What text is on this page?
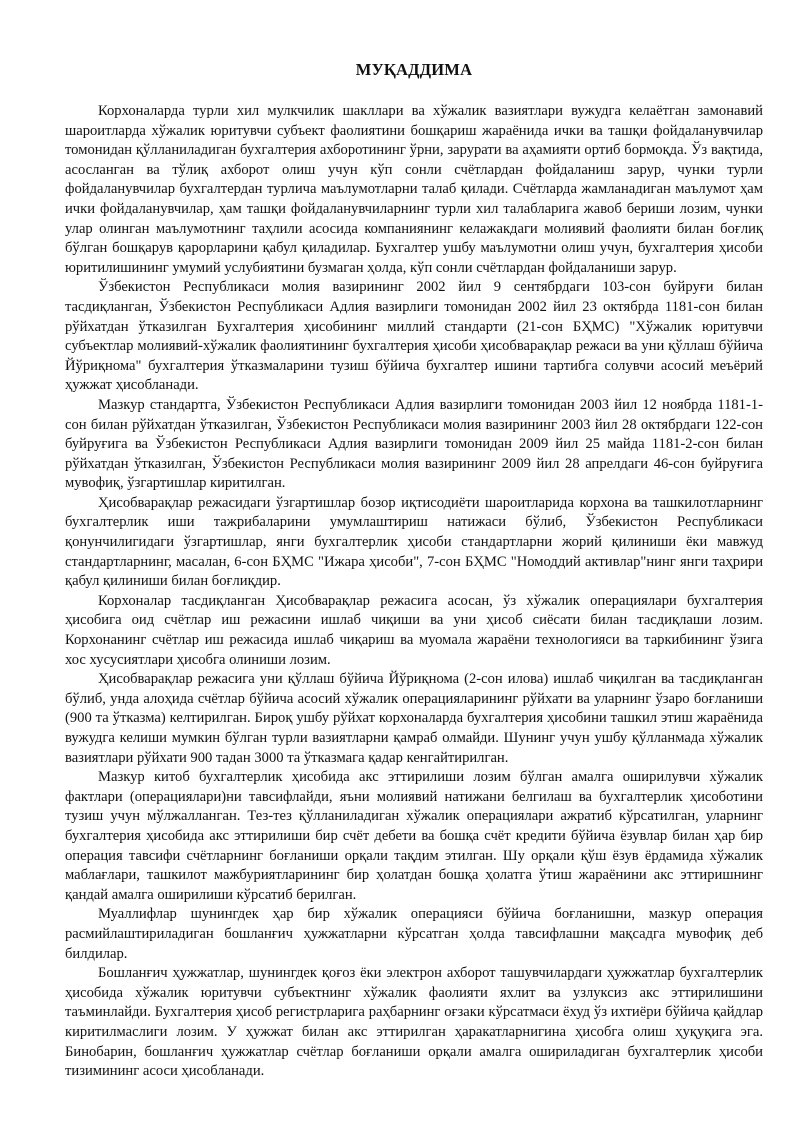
МУҚАДДИМА

Корхоналарда турли хил мулкчилик шакллари ва хўжалик вазиятлари вужудга келаётган замонавий шароитларда хўжалик юритувчи субъект фаолиятини бошқариш жараёнида ички ва ташқи фойдаланувчилар томонидан қўлланиладиган бухгалтерия ахборотининг ўрни, зарурати ва аҳамияти ортиб бормоқда. Ўз вақтида, асосланган ва тўлиқ ахборот олиш учун кўп сонли счётлардан фойдаланиш зарур, чунки турли фойдаланувчилар бухгалтердан турлича маълумотларни талаб қилади. Счётларда жамланадиган маълумот ҳам ички фойдаланувчилар, ҳам ташқи фойдаланувчиларнинг турли хил талабларига жавоб бериши лозим, чунки улар олинган маълумотнинг таҳлили асосида компаниянинг келажакдаги молиявий фаолияти билан боғлиқ бўлган бошқарув қарорларини қабул қиладилар. Бухгалтер ушбу маълумотни олиш учун, бухгалтерия ҳисоби юритилишининг умумий услубиятини бузмаган ҳолда, кўп сонли счётлардан фойдаланиши зарур.

Ўзбекистон Республикаси молия вазирининг 2002 йил 9 сентябрдаги 103-сон буйруғи билан тасдиқланган, Ўзбекистон Республикаси Адлия вазирлиги томонидан 2002 йил 23 октябрда 1181-сон билан рўйхатдан ўтказилган Бухгалтерия ҳисобининг миллий стандарти (21-сон БҲМС) "Хўжалик юритувчи субъектлар молиявий-хўжалик фаолиятининг бухгалтерия ҳисоби ҳисобварақлар режаси ва уни қўллаш бўйича Йўриқнома" бухгалтерия ўтказмаларини тузиш бўйича бухгалтер ишини тартибга солувчи асосий меъёрий ҳужжат ҳисобланади.

Мазкур стандартга, Ўзбекистон Республикаси Адлия вазирлиги томонидан 2003 йил 12 ноябрда 1181-1-сон билан рўйхатдан ўтказилган, Ўзбекистон Республикаси молия вазирининг 2003 йил 28 октябрдаги 122-сон буйруғига ва Ўзбекистон Республикаси Адлия вазирлиги томонидан 2009 йил 25 майда 1181-2-сон билан рўйхатдан ўтказилган, Ўзбекистон Республикаси молия вазирининг 2009 йил 28 апрелдаги 46-сон буйруғига мувофиқ, ўзгартишлар киритилган.

Ҳисобварақлар режасидаги ўзгартишлар бозор иқтисодиёти шароитларида корхона ва ташкилотларнинг бухгалтерлик иши тажрибаларини умумлаштириш натижаси бўлиб, Ўзбекистон Республикаси қонунчилигидаги ўзгартишлар, янги бухгалтерлик ҳисоби стандартларни жорий қилиниши ёки мавжуд стандартларнинг, масалан, 6-сон БҲМС "Ижара ҳисоби", 7-сон БҲМС "Номоддий активлар"нинг янги таҳрири қабул қилиниши билан боғлиқдир.

Корхоналар тасдиқланган Ҳисобварақлар режасига асосан, ўз хўжалик операциялари бухгалтерия ҳисобига оид счётлар иш режасини ишлаб чиқиши ва уни ҳисоб сиёсати билан тасдиқлаши лозим. Корхонанинг счётлар иш режасида ишлаб чиқариш ва муомала жараёни технологияси ва таркибининг ўзига хос хусусиятлари ҳисобга олиниши лозим.

Ҳисобварақлар режасига уни қўллаш бўйича Йўриқнома (2-сон илова) ишлаб чиқилган ва тасдиқланган бўлиб, унда алоҳида счётлар бўйича асосий хўжалик операцияларининг рўйхати ва уларнинг ўзаро боғланиши (900 та ўтказма) келтирилган. Бироқ ушбу рўйхат корхоналарда бухгалтерия ҳисобини ташкил этиш жараёнида вужудга келиши мумкин бўлган турли вазиятларни қамраб олмайди. Шунинг учун ушбу қўлланмада хўжалик вазиятлари рўйхати 900 тадан 3000 та ўтказмага қадар кенгайтирилган.

Мазкур китоб бухгалтерлик ҳисобида акс эттирилиши лозим бўлган амалга оширилувчи хўжалик фактлари (операциялари)ни тавсифлайди, яъни молиявий натижани белгилаш ва бухгалтерлик ҳисоботини тузиш учун мўлжалланган. Тез-тез қўлланиладиган хўжалик операциялари ажратиб кўрсатилган, уларнинг бухгалтерия ҳисобида акс эттирилиши бир счёт дебети ва бошқа счёт кредити бўйича ёзувлар билан ҳар бир операция тавсифи счётларнинг боғланиши орқали тақдим этилган. Шу орқали қўш ёзув ёрдамида хўжалик маблағлари, ташкилот мажбуриятларининг бир ҳолатдан бошқа ҳолатга ўтиш жараёнини акс эттиришнинг қандай амалга оширилиши кўрсатиб берилган.

Муаллифлар шунингдек ҳар бир хўжалик операцияси бўйича боғланишни, мазкур операция расмийлаштириладиган бошланғич ҳужжатларни кўрсатган ҳолда тавсифлашни мақсадга мувофиқ деб билдилар.

Бошланғич ҳужжатлар, шунингдек қоғоз ёки электрон ахборот ташувчилардаги ҳужжатлар бухгалтерлик ҳисобида хўжалик юритувчи субъектнинг хўжалик фаолияти яхлит ва узлуксиз акс эттирилишини таъминлайди. Бухгалтерия ҳисоб регистрларига раҳбарнинг оғзаки кўрсатмаси ёхуд ўз ихтиёри бўйича қайдлар киритилмаслиги лозим. У ҳужжат билан акс эттирилган ҳаракатларнигина ҳисобга олиш ҳуқуқига эга. Бинобарин, бошланғич ҳужжатлар счётлар боғланиши орқали амалга ошириладиган бухгалтерлик ҳисоби тизимининг асоси ҳисобланади.
